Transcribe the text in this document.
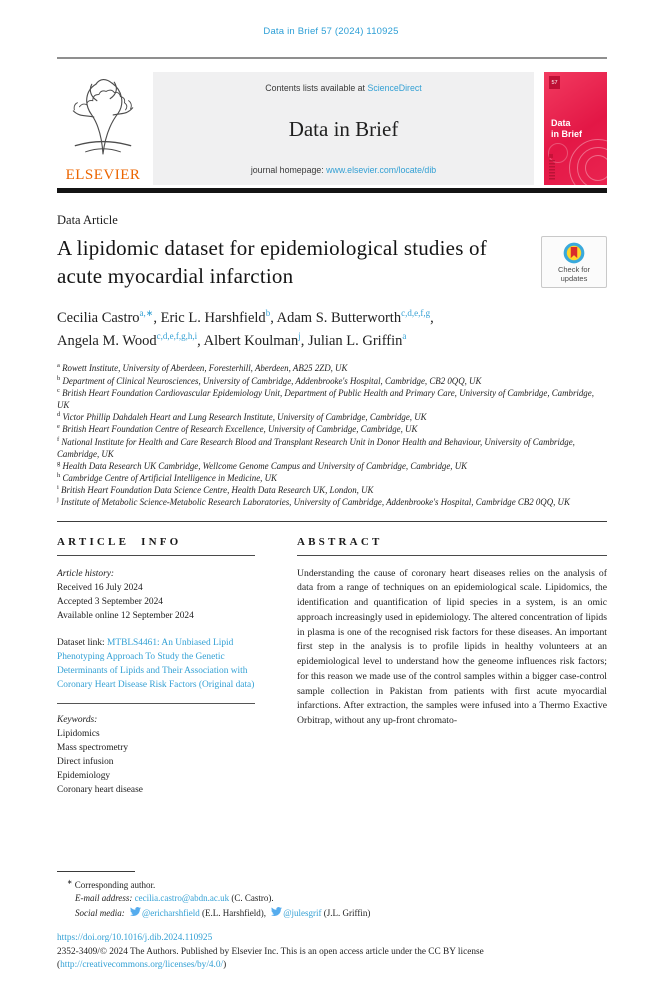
Data in Brief 57 (2024) 110925
ELSEVIER
Contents lists available at ScienceDirect
Data in Brief
journal homepage: www.elsevier.com/locate/dib
57
Data
in Brief
Data Article
A lipidomic dataset for epidemiological studies of acute myocardial infarction	Check for
updates
Cecilia Castro$^{a,∗}$, Eric L. Harshfield$^b$, Adam S. Butterworth$^{c,d,e,f,g}$,
Angela M. Wood$^{c,d,e,f,g,h,i}$, Albert Koulman$^j$, Julian L. Griffin$^a$
$^a$ Rowett Institute, University of Aberdeen, Foresterhill, Aberdeen, AB25 2ZD, UK
$^b$ Department of Clinical Neurosciences, University of Cambridge, Addenbrooke's Hospital, Cambridge, CB2 0QQ, UK
$^c$ British Heart Foundation Cardiovascular Epidemiology Unit, Department of Public Health and Primary Care, University of Cambridge, Cambridge, UK
$^d$ Victor Phillip Dahdaleh Heart and Lung Research Institute, University of Cambridge, Cambridge, UK
$^e$ British Heart Foundation Centre of Research Excellence, University of Cambridge, Cambridge, UK
$^f$ National Institute for Health and Care Research Blood and Transplant Research Unit in Donor Health and Behaviour, University of Cambridge, Cambridge, UK
$^g$ Health Data Research UK Cambridge, Wellcome Genome Campus and University of Cambridge, Cambridge, UK
$^h$ Cambridge Centre of Artificial Intelligence in Medicine, UK
$^i$ British Heart Foundation Data Science Centre, Health Data Research UK, London, UK
$^j$ Institute of Metabolic Science-Metabolic Research Laboratories, University of Cambridge, Addenbrooke's Hospital, Cambridge CB2 0QQ, UK
ARTICLE INFO
Article history:
Received 16 July 2024
Accepted 3 September 2024
Available online 12 September 2024
Dataset link: MTBLS4461: An Unbiased Lipid Phenotyping Approach To Study the Genetic Determinants of Lipids and Their Association with Coronary Heart Disease Risk Factors (Original data)
Keywords:
Lipidomics
Mass spectrometry
Direct infusion
Epidemiology
Coronary heart disease
ABSTRACT
Understanding the cause of coronary heart diseases relies on the analysis of data from a range of techniques on an epidemiological scale. Lipidomics, the identification and quantification of lipid species in a system, is an omic approach increasingly used in epidemiology. The altered concentration of lipids in plasma is one of the recognised risk factors for these diseases. An important first step in the analysis is to profile lipids in healthy volunteers at an epidemiological level to understand how the geneome influences risk factors; for this reason we made use of the control samples within a bigger case-control sample collection in Pakistan from patients with first acute myocardial infarctions. After extraction, the samples were infused into a Thermo Exactive Orbitrap, without any up-front chromato-
∗ Corresponding author.
E-mail address: cecilia.castro@abdn.ac.uk (C. Castro).
Social media: @ericharshfield (E.L. Harshfield), @julesgrif (J.L. Griffin)
https://doi.org/10.1016/j.dib.2024.110925
2352-3409/© 2024 The Authors. Published by Elsevier Inc. This is an open access article under the CC BY license
(http://creativecommons.org/licenses/by/4.0/)
